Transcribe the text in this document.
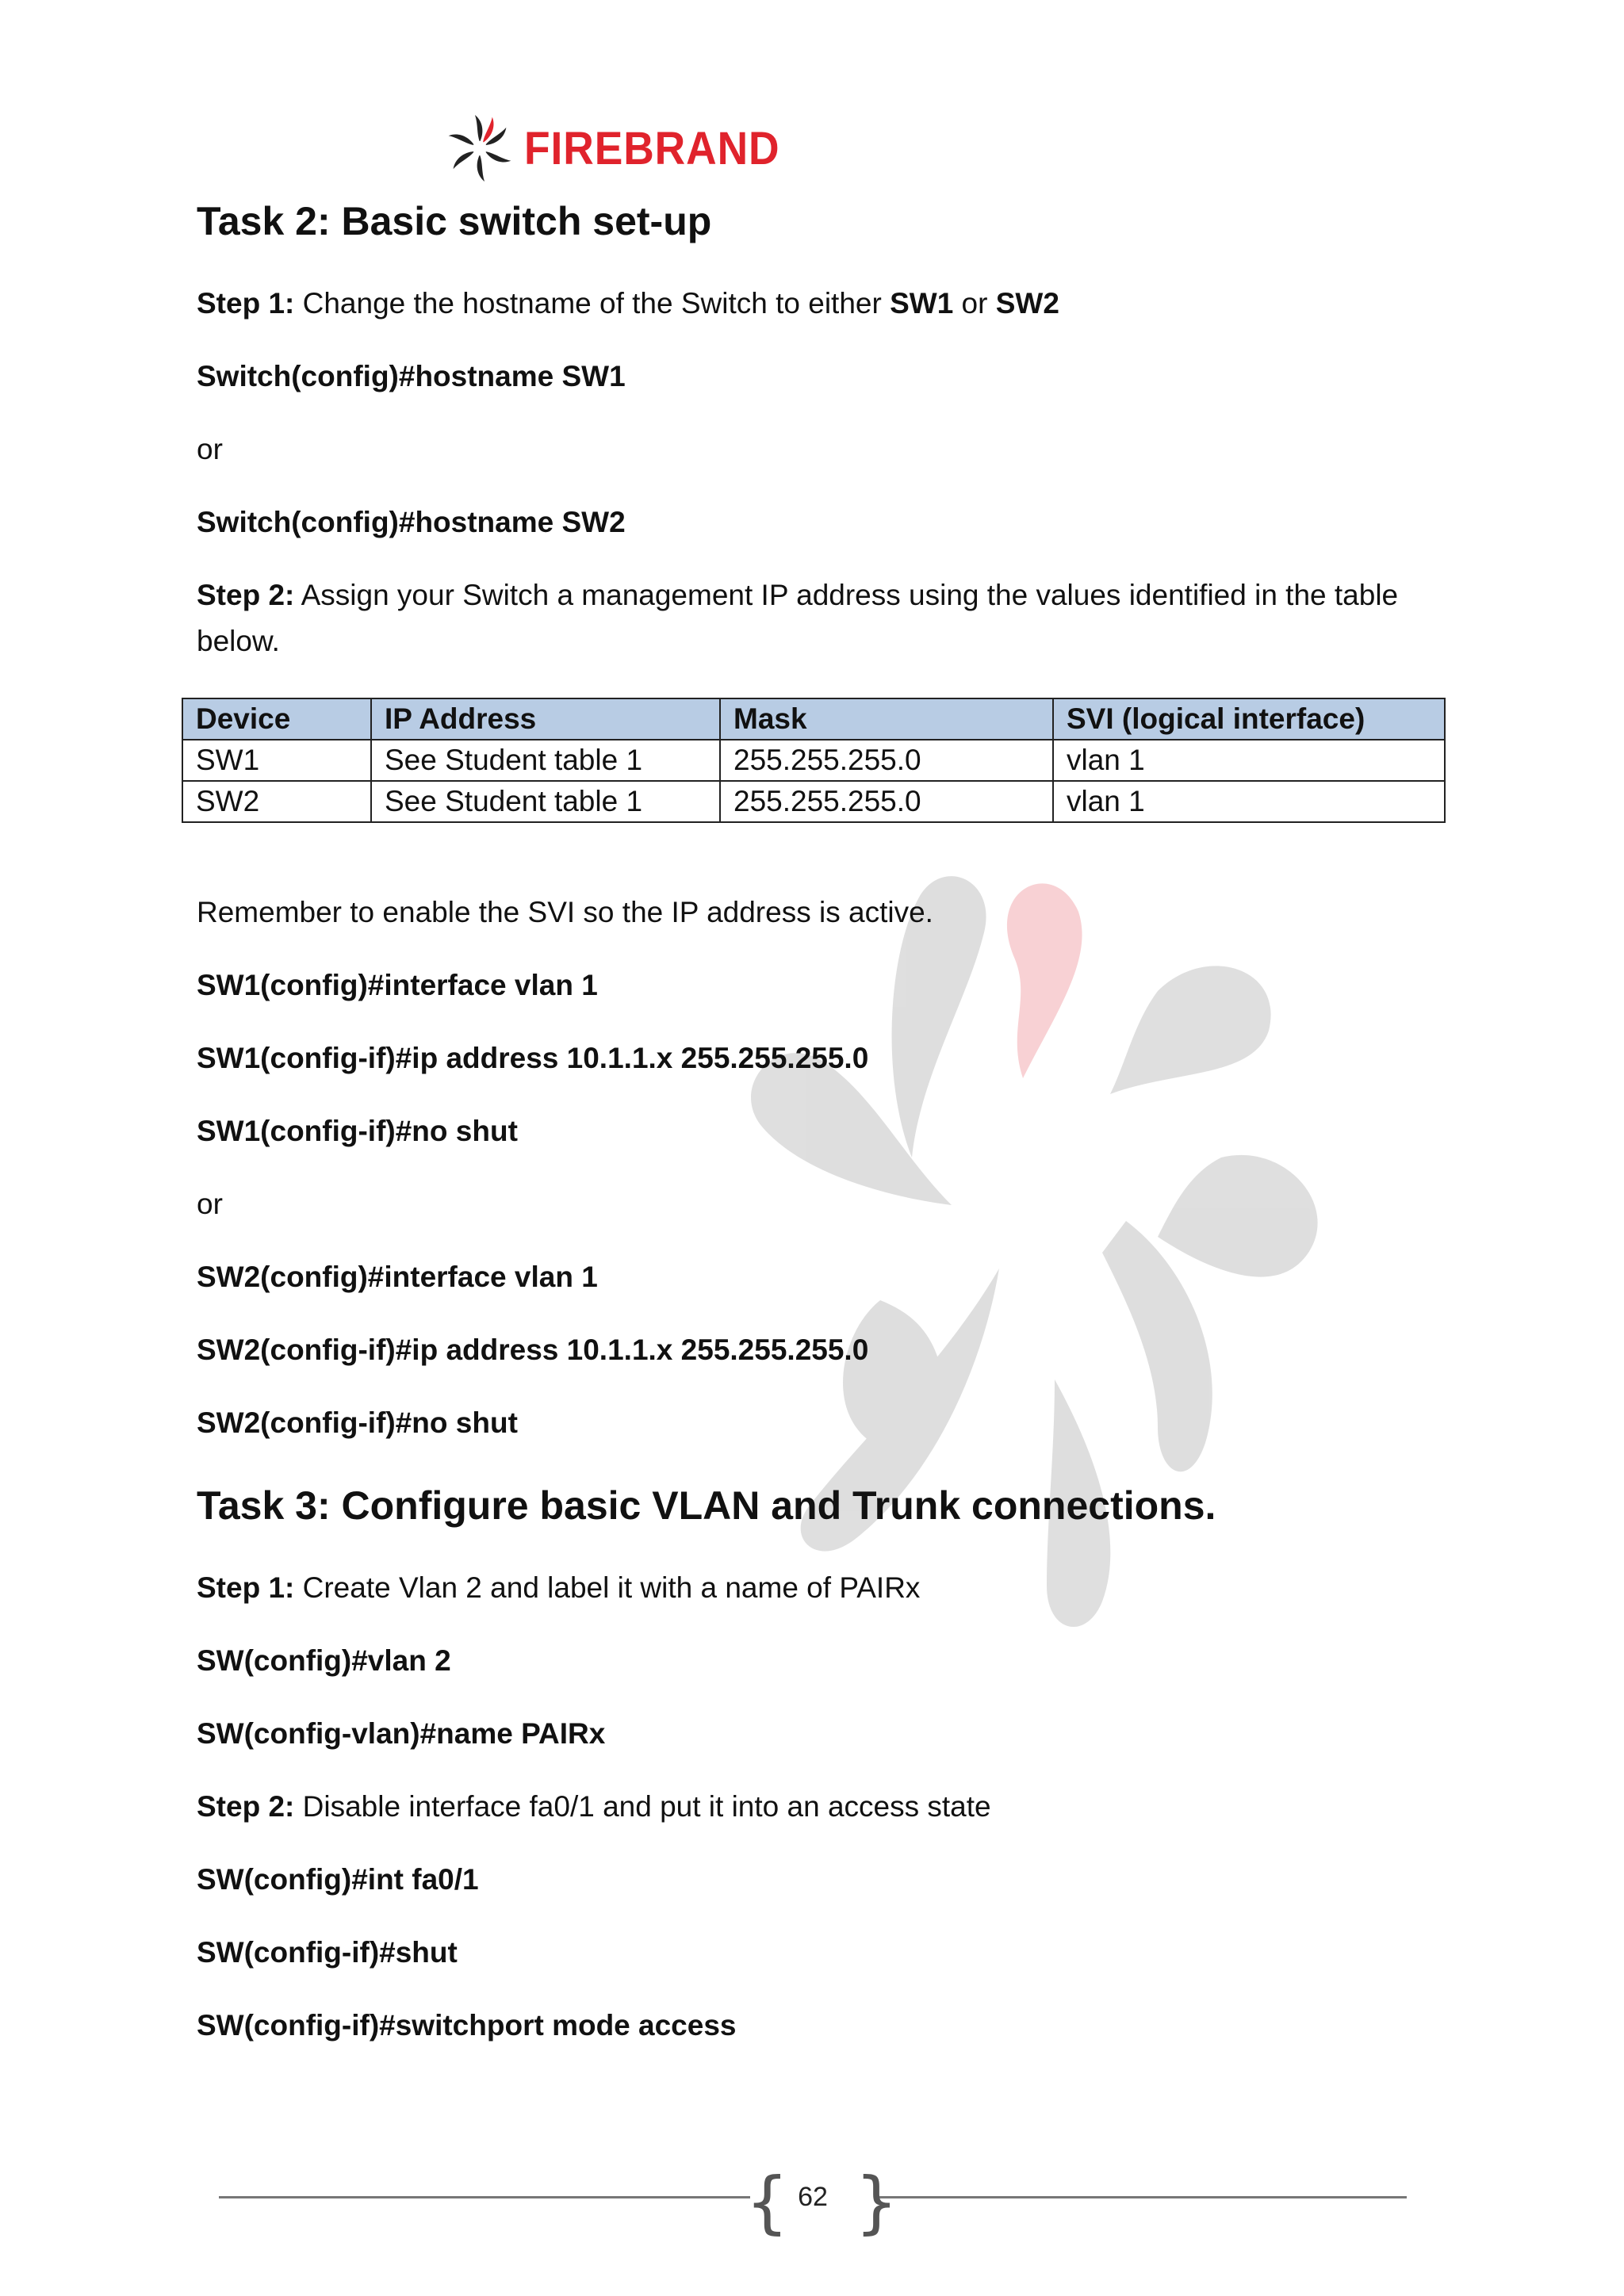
FIREBRAND
Task 2: Basic switch set-up

Step 1: Change the hostname of the Switch to either SW1 or SW2

Switch(config)#hostname SW1

or

Switch(config)#hostname SW2

Step 2: Assign your Switch a management IP address using the values identified in the table

below.

Device	IP Address	Mask	SVI (logical interface)
SW1	See Student table 1	255.255.255.0	vlan 1
SW2	See Student table 1	255.255.255.0	vlan 1

Remember to enable the SVI so the IP address is active.

SW1(config)#interface vlan 1

SW1(config-if)#ip address 10.1.1.x 255.255.255.0

SW1(config-if)#no shut

or

SW2(config)#interface vlan 1

SW2(config-if)#ip address 10.1.1.x 255.255.255.0

SW2(config-if)#no shut

Task 3: Configure basic VLAN and Trunk connections.

Step 1: Create Vlan 2 and label it with a name of PAIRx

SW(config)#vlan 2

SW(config-vlan)#name PAIRx

Step 2: Disable interface fa0/1 and put it into an access state

SW(config)#int fa0/1

SW(config-if)#shut

SW(config-if)#switchport mode access

{ }
62
